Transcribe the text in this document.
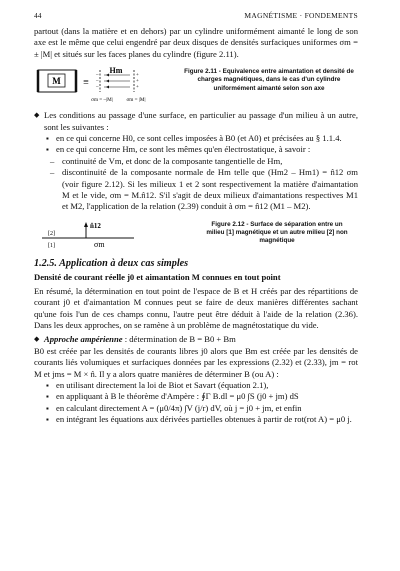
44	MAGNÉTISME · FONDEMENTS

partout (dans la matière et en dehors) par un cylindre uniformément aimanté le long de son axe est le même que celui engendré par deux disques de densités surfaciques uniformes σm = ± |M| et situés sur les faces planes du cylindre (figure 2.11).

M ≡
–
–
–
Hm
+
+
+
σm = –|M|	σm = |M|
Figure 2.11 - Equivalence entre aimantation et densité de charges magnétiques, dans le cas d'un cylindre uniformément aimanté selon son axe

◆ Les conditions au passage d'une surface, en particulier au passage d'un milieu à un autre, sont les suivantes :

▪ en ce qui concerne H0, ce sont celles imposées à B0 (et A0) et précisées au § 1.1.4.

▪ en ce qui concerne Hm, ce sont les mêmes qu'en électrostatique, à savoir :

– continuité de Vm, et donc de la composante tangentielle de Hm,

– discontinuité de la composante normale de Hm telle que (Hm2 – Hm1) = n̂12 σm (voir figure 2.12). Si les milieux 1 et 2 sont respectivement la matière d'aimantation M et le vide, σm = M.n̂12. S'il s'agit de deux milieux d'aimantations respectives M1 et M2, l'application de la relation (2.39) conduit à σm = n̂12 (M1 – M2).

n̂12
σm
[2]
[1]
Figure 2.12 - Surface de séparation entre un milieu [1] magnétique et un autre milieu [2] non magnétique

1.2.5. Application à deux cas simples

Densité de courant réelle j0 et aimantation M connues en tout point

En résumé, la détermination en tout point de l'espace de B et H créés par des répartitions de courant j0 et d'aimantation M connues peut se faire de deux manières différentes sachant qu'une fois l'un de ces champs connu, l'autre peut être déduit à l'aide de la relation (2.36). Dans les deux approches, on se ramène à un problème de magnétostatique du vide.

◆ Approche ampérienne : détermination de B = B0 + Bm

B0 est créée par les densités de courants libres j0 alors que Bm est créée par les densités de courants liés volumiques et surfaciques données par les expressions (2.32) et (2.33), jm = rot M et jms = M × n̂. Il y a alors quatre manières de déterminer B (ou A) :

▪ en utilisant directement la loi de Biot et Savart (équation 2.1),

▪ en appliquant à B le théorème d'Ampère : ∮Γ B.dl = μ0 ∫S (j0 + jm) dS

▪ en calculant directement A = (μ0/4π) ∫V (j/r) dV, où j = j0 + jm, et enfin

▪ en intégrant les équations aux dérivées partielles obtenues à partir de rot(rot A) = μ0 j.
